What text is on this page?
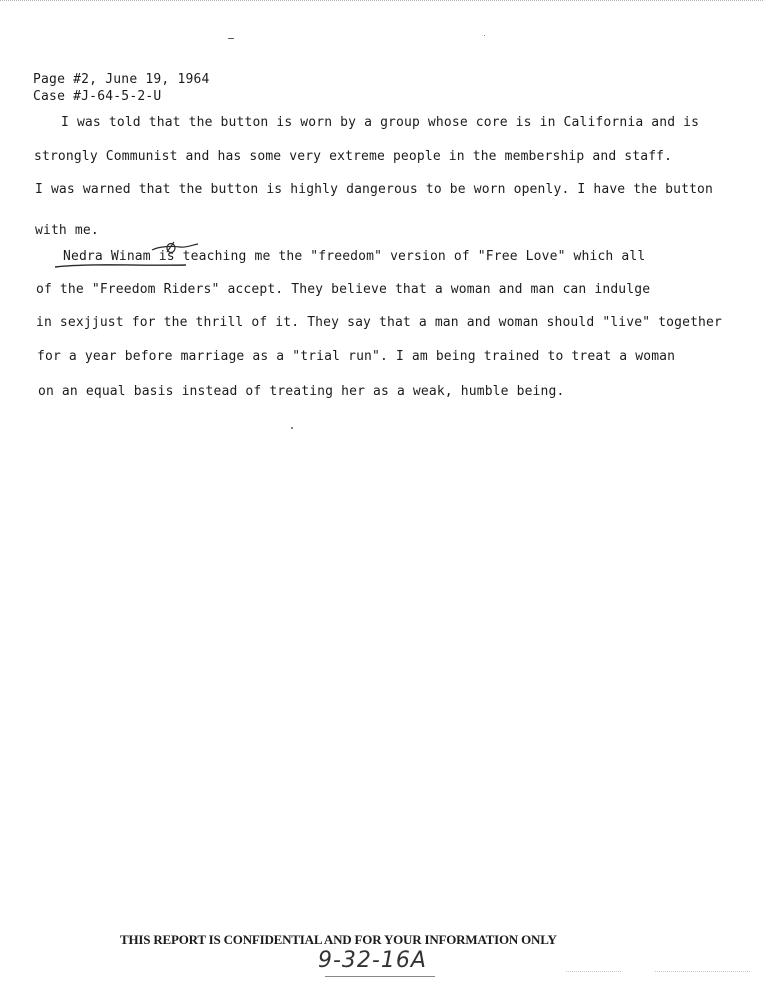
Page #2, June 19, 1964
Case #J-64-5-2-U
I was told that the button is worn by a group whose core is in California and is
strongly Communist and has some very extreme people in the membership and staff.
I was warned that the button is highly dangerous to be worn openly. I have the button
with me.
Nedra Winam is teaching me the "freedom" version of "Free Love" which all
of the "Freedom Riders" accept. They believe that a woman and man can indulge
in sexjjust for the thrill of it. They say that a man and woman should "live" together
for a year before marriage as a "trial run". I am being trained to treat a woman
on an equal basis instead of treating her as a weak, humble being.
THIS REPORT IS CONFIDENTIAL AND FOR YOUR INFORMATION ONLY
9-32-16A
